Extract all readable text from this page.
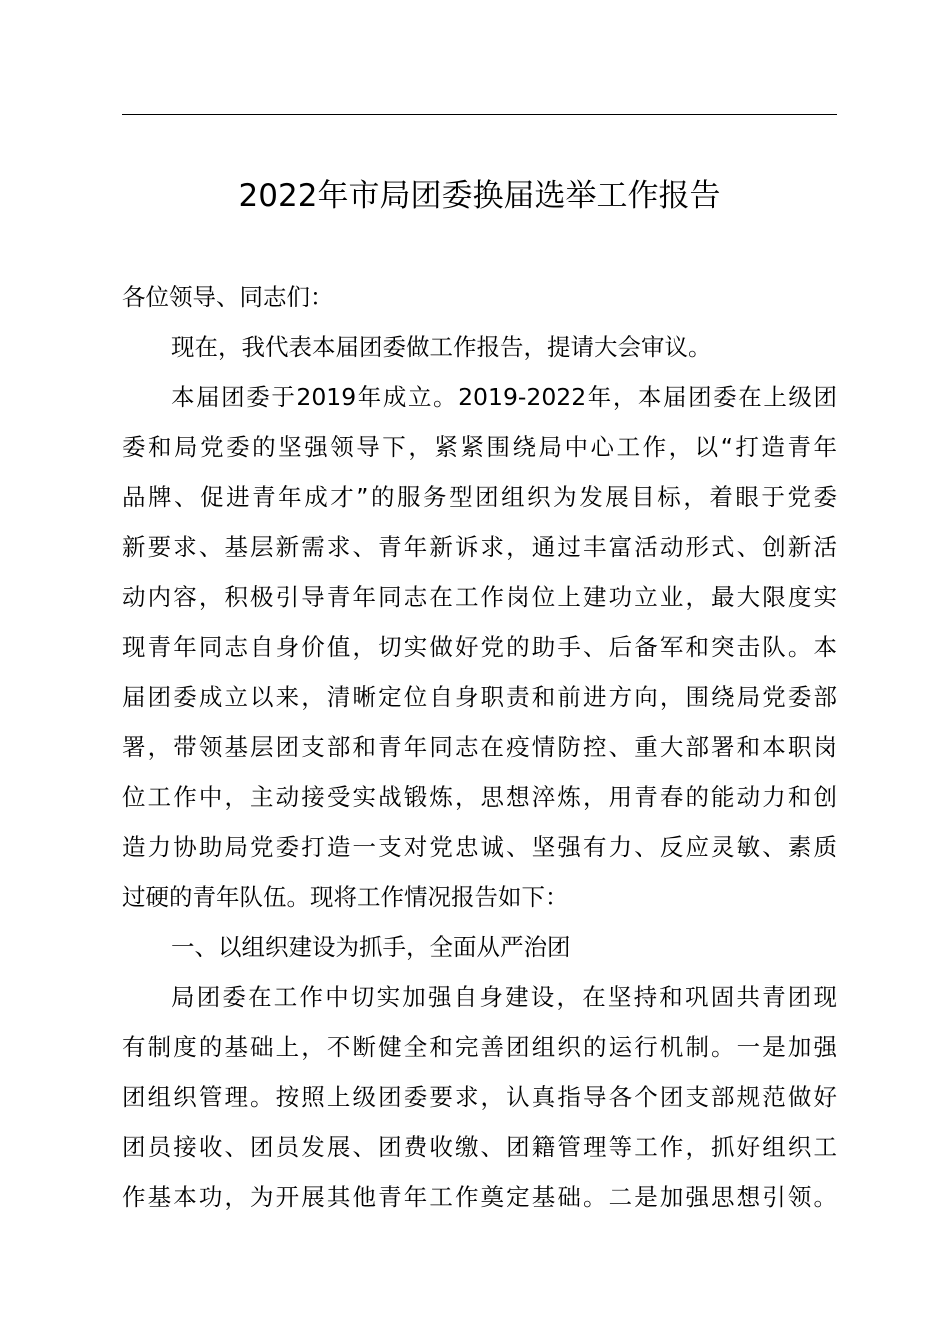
2022年市局团委换届选举工作报告
各位领导、同志们：
现在，我代表本届团委做工作报告，提请大会审议。
本届团委于2019年成立。2019-2022年，本届团委在上级团
委和局党委的坚强领导下，紧紧围绕局中心工作，以“打造青年
品牌、促进青年成才”的服务型团组织为发展目标，着眼于党委
新要求、基层新需求、青年新诉求，通过丰富活动形式、创新活
动内容，积极引导青年同志在工作岗位上建功立业，最大限度实
现青年同志自身价值，切实做好党的助手、后备军和突击队。本
届团委成立以来，清晰定位自身职责和前进方向，围绕局党委部
署，带领基层团支部和青年同志在疫情防控、重大部署和本职岗
位工作中，主动接受实战锻炼，思想淬炼，用青春的能动力和创
造力协助局党委打造一支对党忠诚、坚强有力、反应灵敏、素质
过硬的青年队伍。现将工作情况报告如下：
一、以组织建设为抓手，全面从严治团
局团委在工作中切实加强自身建设，在坚持和巩固共青团现
有制度的基础上，不断健全和完善团组织的运行机制。一是加强
团组织管理。按照上级团委要求，认真指导各个团支部规范做好
团员接收、团员发展、团费收缴、团籍管理等工作，抓好组织工
作基本功，为开展其他青年工作奠定基础。二是加强思想引领。
